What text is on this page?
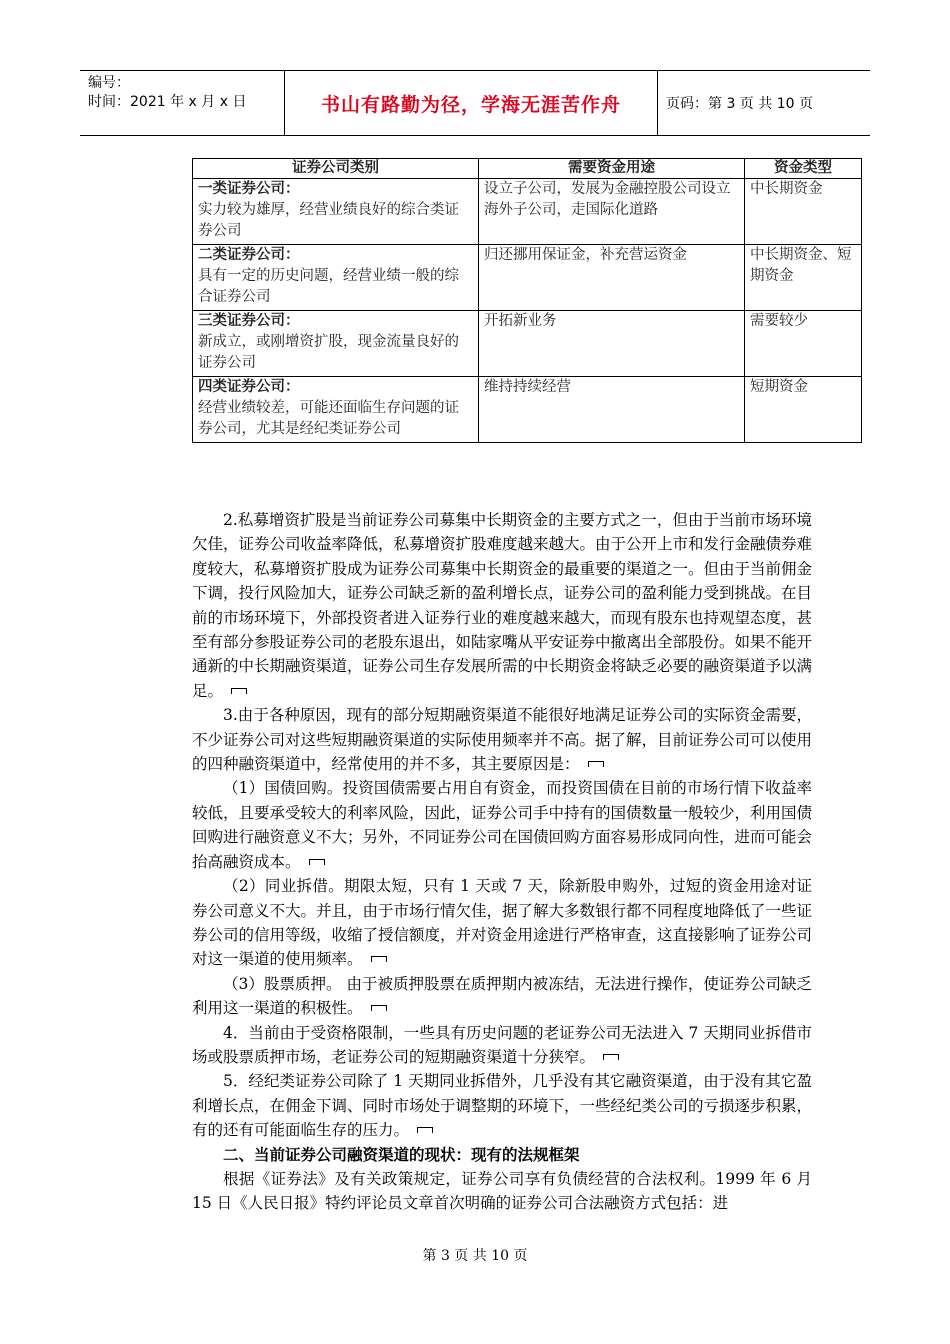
编号：
时间：2021 年 x 月 x 日	书山有路勤为径，学海无涯苦作舟	页码：第 3 页 共 10 页
证券公司类别	需要资金用途	资金类型

一类证券公司：
实力较为雄厚，经营业绩良好的综合类证券公司	设立子公司，发展为金融控股公司设立海外子公司，走国际化道路	中长期资金

二类证券公司：
具有一定的历史问题，经营业绩一般的综合证券公司	归还挪用保证金，补充营运资金	中长期资金、短期资金

三类证券公司：
新成立，或刚增资扩股，现金流量良好的证券公司	开拓新业务	需要较少

四类证券公司：
经营业绩较差，可能还面临生存问题的证券公司，尤其是经纪类证券公司	维持持续经营	短期资金

2.私募增资扩股是当前证券公司募集中长期资金的主要方式之一，但由于当前市场环境欠佳，证券公司收益率降低，私募增资扩股难度越来越大。由于公开上市和发行金融债券难度较大，私募增资扩股成为证券公司募集中长期资金的最重要的渠道之一。但由于当前佣金下调，投行风险加大，证券公司缺乏新的盈利增长点，证券公司的盈利能力受到挑战。在目前的市场环境下，外部投资者进入证券行业的难度越来越大，而现有股东也持观望态度，甚至有部分参股证券公司的老股东退出，如陆家嘴从平安证券中撤离出全部股份。如果不能开通新的中长期融资渠道，证券公司生存发展所需的中长期资金将缺乏必要的融资渠道予以满足。

3.由于各种原因，现有的部分短期融资渠道不能很好地满足证券公司的实际资金需要，不少证券公司对这些短期融资渠道的实际使用频率并不高。据了解，目前证券公司可以使用的四种融资渠道中，经常使用的并不多，其主要原因是：

（1）国债回购。投资国债需要占用自有资金，而投资国债在目前的市场行情下收益率较低，且要承受较大的利率风险，因此，证券公司手中持有的国债数量一般较少，利用国债回购进行融资意义不大；另外，不同证券公司在国债回购方面容易形成同向性，进而可能会抬高融资成本。

（2）同业拆借。期限太短，只有 1 天或 7 天，除新股申购外，过短的资金用途对证券公司意义不大。并且，由于市场行情欠佳，据了解大多数银行都不同程度地降低了一些证券公司的信用等级，收缩了授信额度，并对资金用途进行严格审查，这直接影响了证券公司对这一渠道的使用频率。

（3）股票质押。 由于被质押股票在质押期内被冻结，无法进行操作，使证券公司缺乏利用这一渠道的积极性。

4．当前由于受资格限制，一些具有历史问题的老证券公司无法进入 7 天期同业拆借市场或股票质押市场，老证券公司的短期融资渠道十分狭窄。

5．经纪类证券公司除了 1 天期同业拆借外，几乎没有其它融资渠道，由于没有其它盈利增长点，在佣金下调、同时市场处于调整期的环境下，一些经纪类公司的亏损逐步积累，有的还有可能面临生存的压力。

二、当前证券公司融资渠道的现状：现有的法规框架

根据《证券法》及有关政策规定，证券公司享有负债经营的合法权利。1999 年 6 月 15 日《人民日报》特约评论员文章首次明确的证券公司合法融资方式包括：进

第 3 页 共 10 页
